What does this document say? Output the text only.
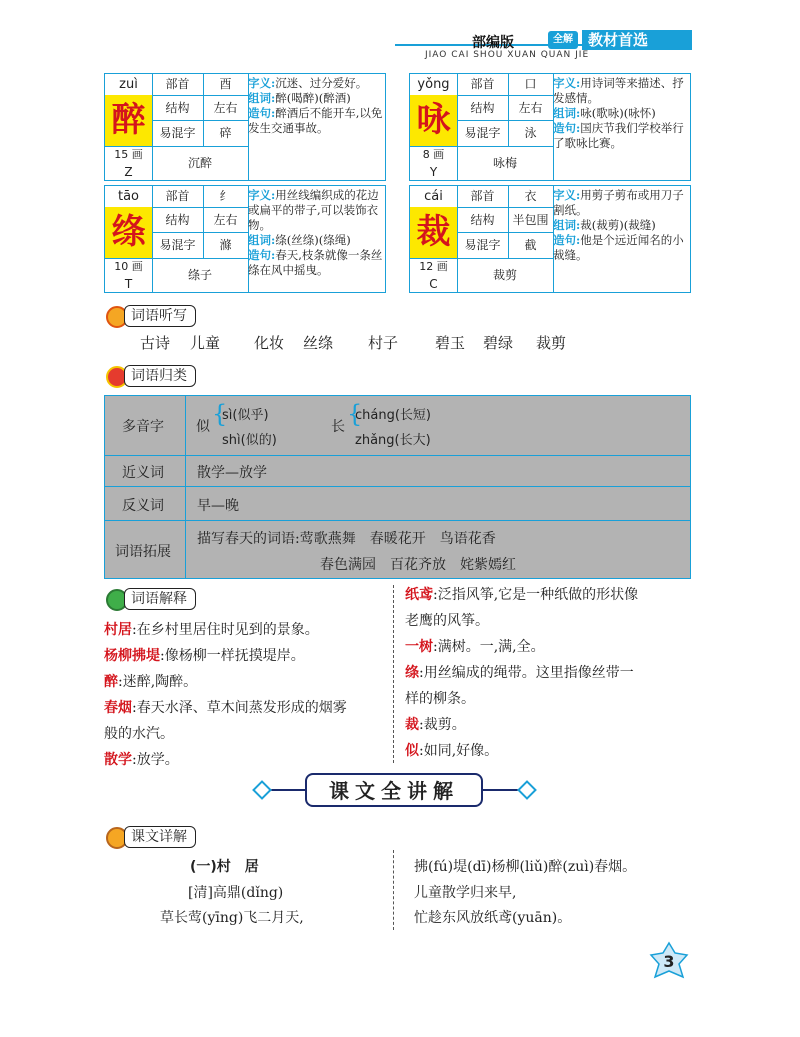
部编版	全解	教材首选
JIAO CAI SHOU XUAN QUAN JIE
zuì
醉
15 画
Z
部首	酉
结构	左右
易混字	碎
沉醉
字义:沉迷、过分爱好。
组词:醉(喝醉)(醉酒)
造句:醉酒后不能开车,以免发生交通事故。
yǒng
咏
8 画
Y
部首	口
结构	左右
易混字	泳
咏梅
字义:用诗词等来描述、抒发感情。
组词:咏(歌咏)(咏怀)
造句:国庆节我们学校举行了歌咏比赛。
tāo
绦
10 画
T
部首	纟
结构	左右
易混字	滌
绦子
字义:用丝线编织成的花边或扁平的带子,可以装饰衣物。
组词:绦(丝绦)(绦绳)
造句:春天,枝条就像一条丝绦在风中摇曳。
cái
裁
12 画
C
部首	衣
结构	半包围
易混字	截
裁剪
字义:用剪子剪布或用刀子割纸。
组词:裁(裁剪)(裁缝)
造句:他是个远近闻名的小裁缝。
词语听写
古诗 儿童 化妆 丝绦 村子 碧玉 碧绿 裁剪
词语归类
多音字 似 {
sì(似乎)
shì(似的)
长 {
cháng(长短)
zhǎng(长大)
近义词 散学—放学
反义词 早—晚
词语拓展
描写春天的词语:莺歌燕舞　春暖花开　鸟语花香
春色满园　百花齐放　姹紫嫣红
词语解释
村居:在乡村里居住时见到的景象。
杨柳拂堤:像杨柳一样抚摸堤岸。
醉:迷醉,陶醉。
春烟:春天水泽、草木间蒸发形成的烟雾
般的水汽。
散学:放学。
纸鸢:泛指风筝,它是一种纸做的形状像
老鹰的风筝。
一树:满树。一,满,全。
绦:用丝编成的绳带。这里指像丝带一
样的柳条。
裁:裁剪。
似:如同,好像。
课文全讲解
课文详解
(一)村　居
[清]高鼎(dǐng)
草长莺(yīng)飞二月天,
拂(fú)堤(dī)杨柳(liǔ)醉(zuì)春烟。
儿童散学归来早,
忙趁东风放纸鸢(yuān)。
3
